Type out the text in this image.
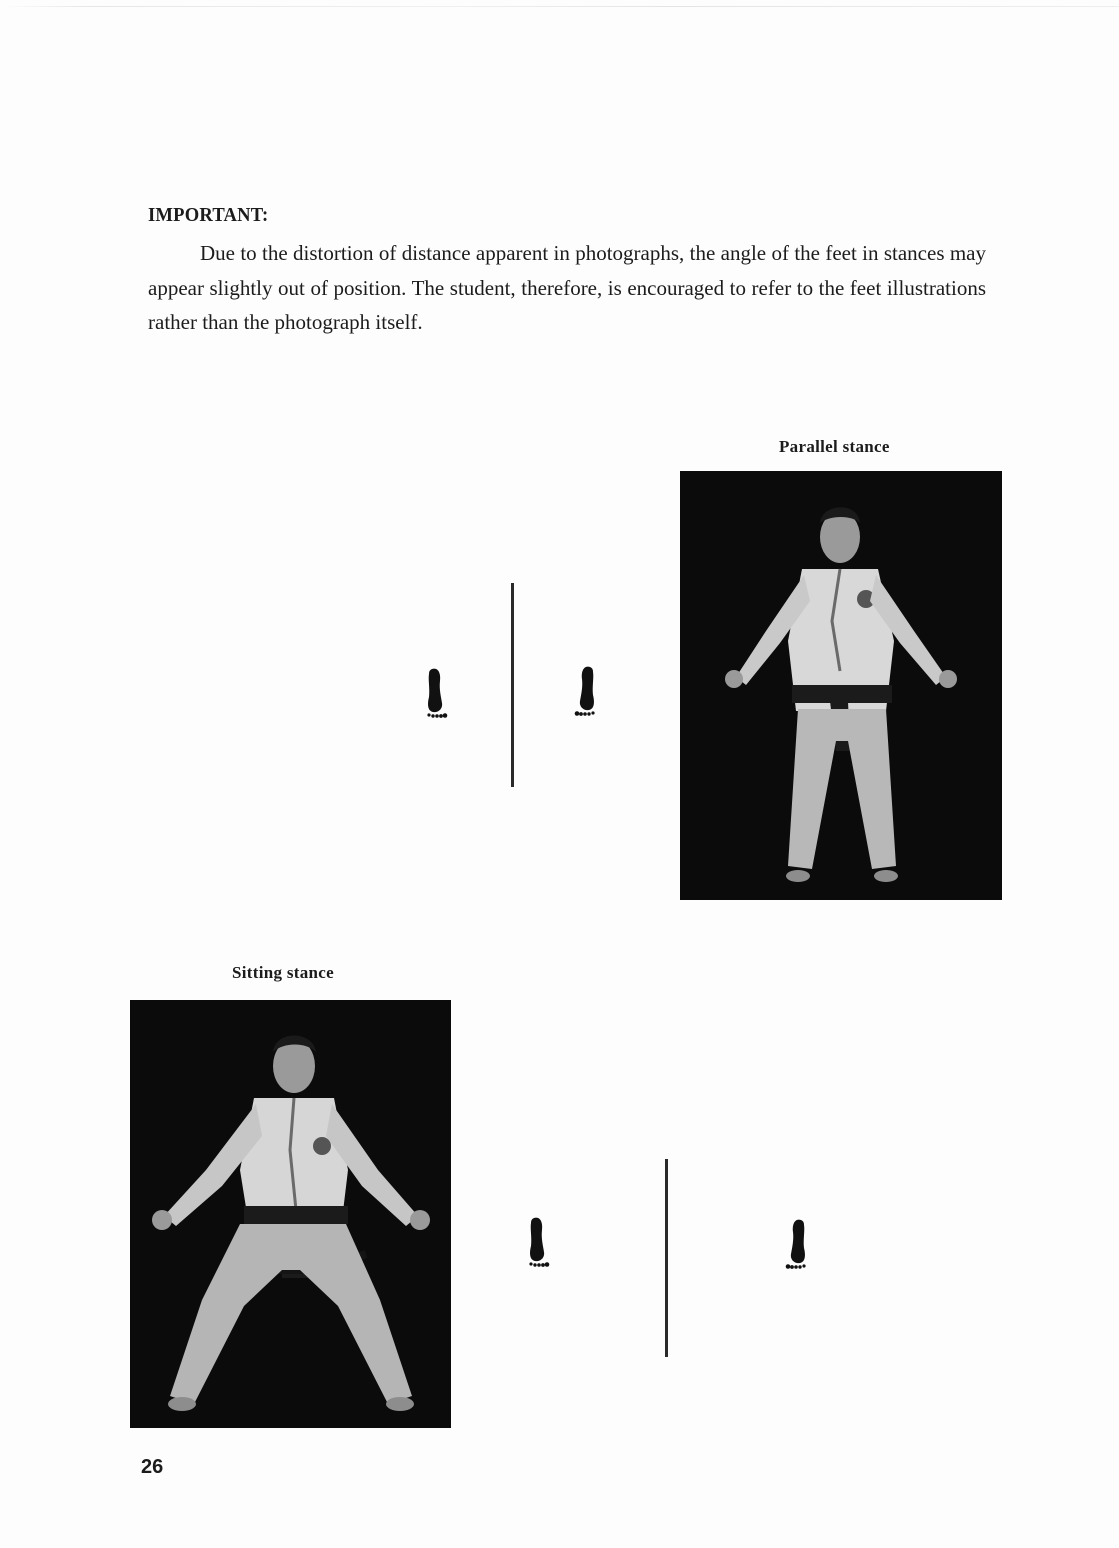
IMPORTANT:
Due to the distortion of distance apparent in photographs, the angle of the feet in stances may appear slightly out of position. The student, therefore, is encouraged to refer to the feet illustrations rather than the photograph itself.
Parallel stance
Sitting stance
26
